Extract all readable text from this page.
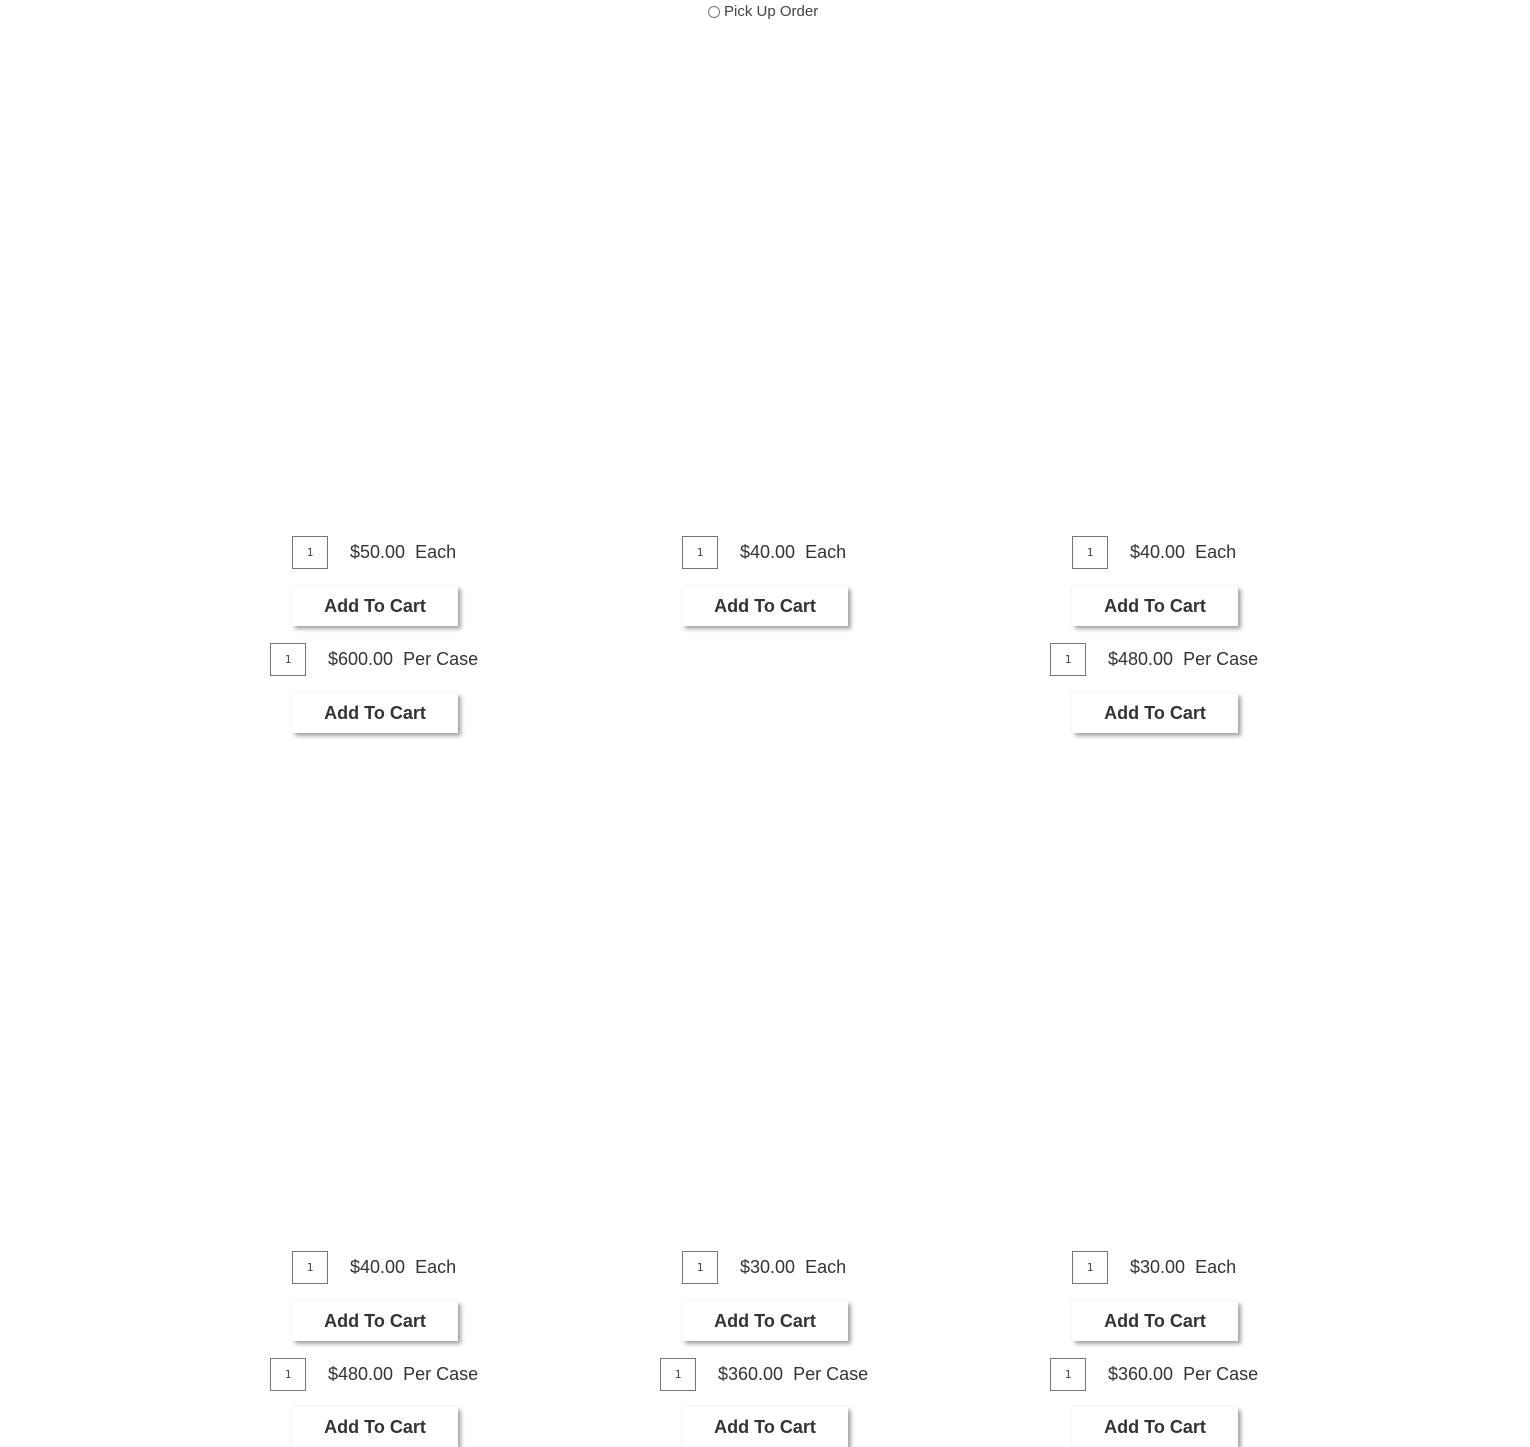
Pick Up Order
1
$50.00 Each
Add To Cart
1
$600.00 Per Case
Add To Cart
1
$40.00 Each
Add To Cart
1
$40.00 Each
Add To Cart
1
$480.00 Per Case
Add To Cart
1
$40.00 Each
Add To Cart
1
$480.00 Per Case
Add To Cart
1
$30.00 Each
Add To Cart
1
$360.00 Per Case
Add To Cart
1
$30.00 Each
Add To Cart
1
$360.00 Per Case
Add To Cart
